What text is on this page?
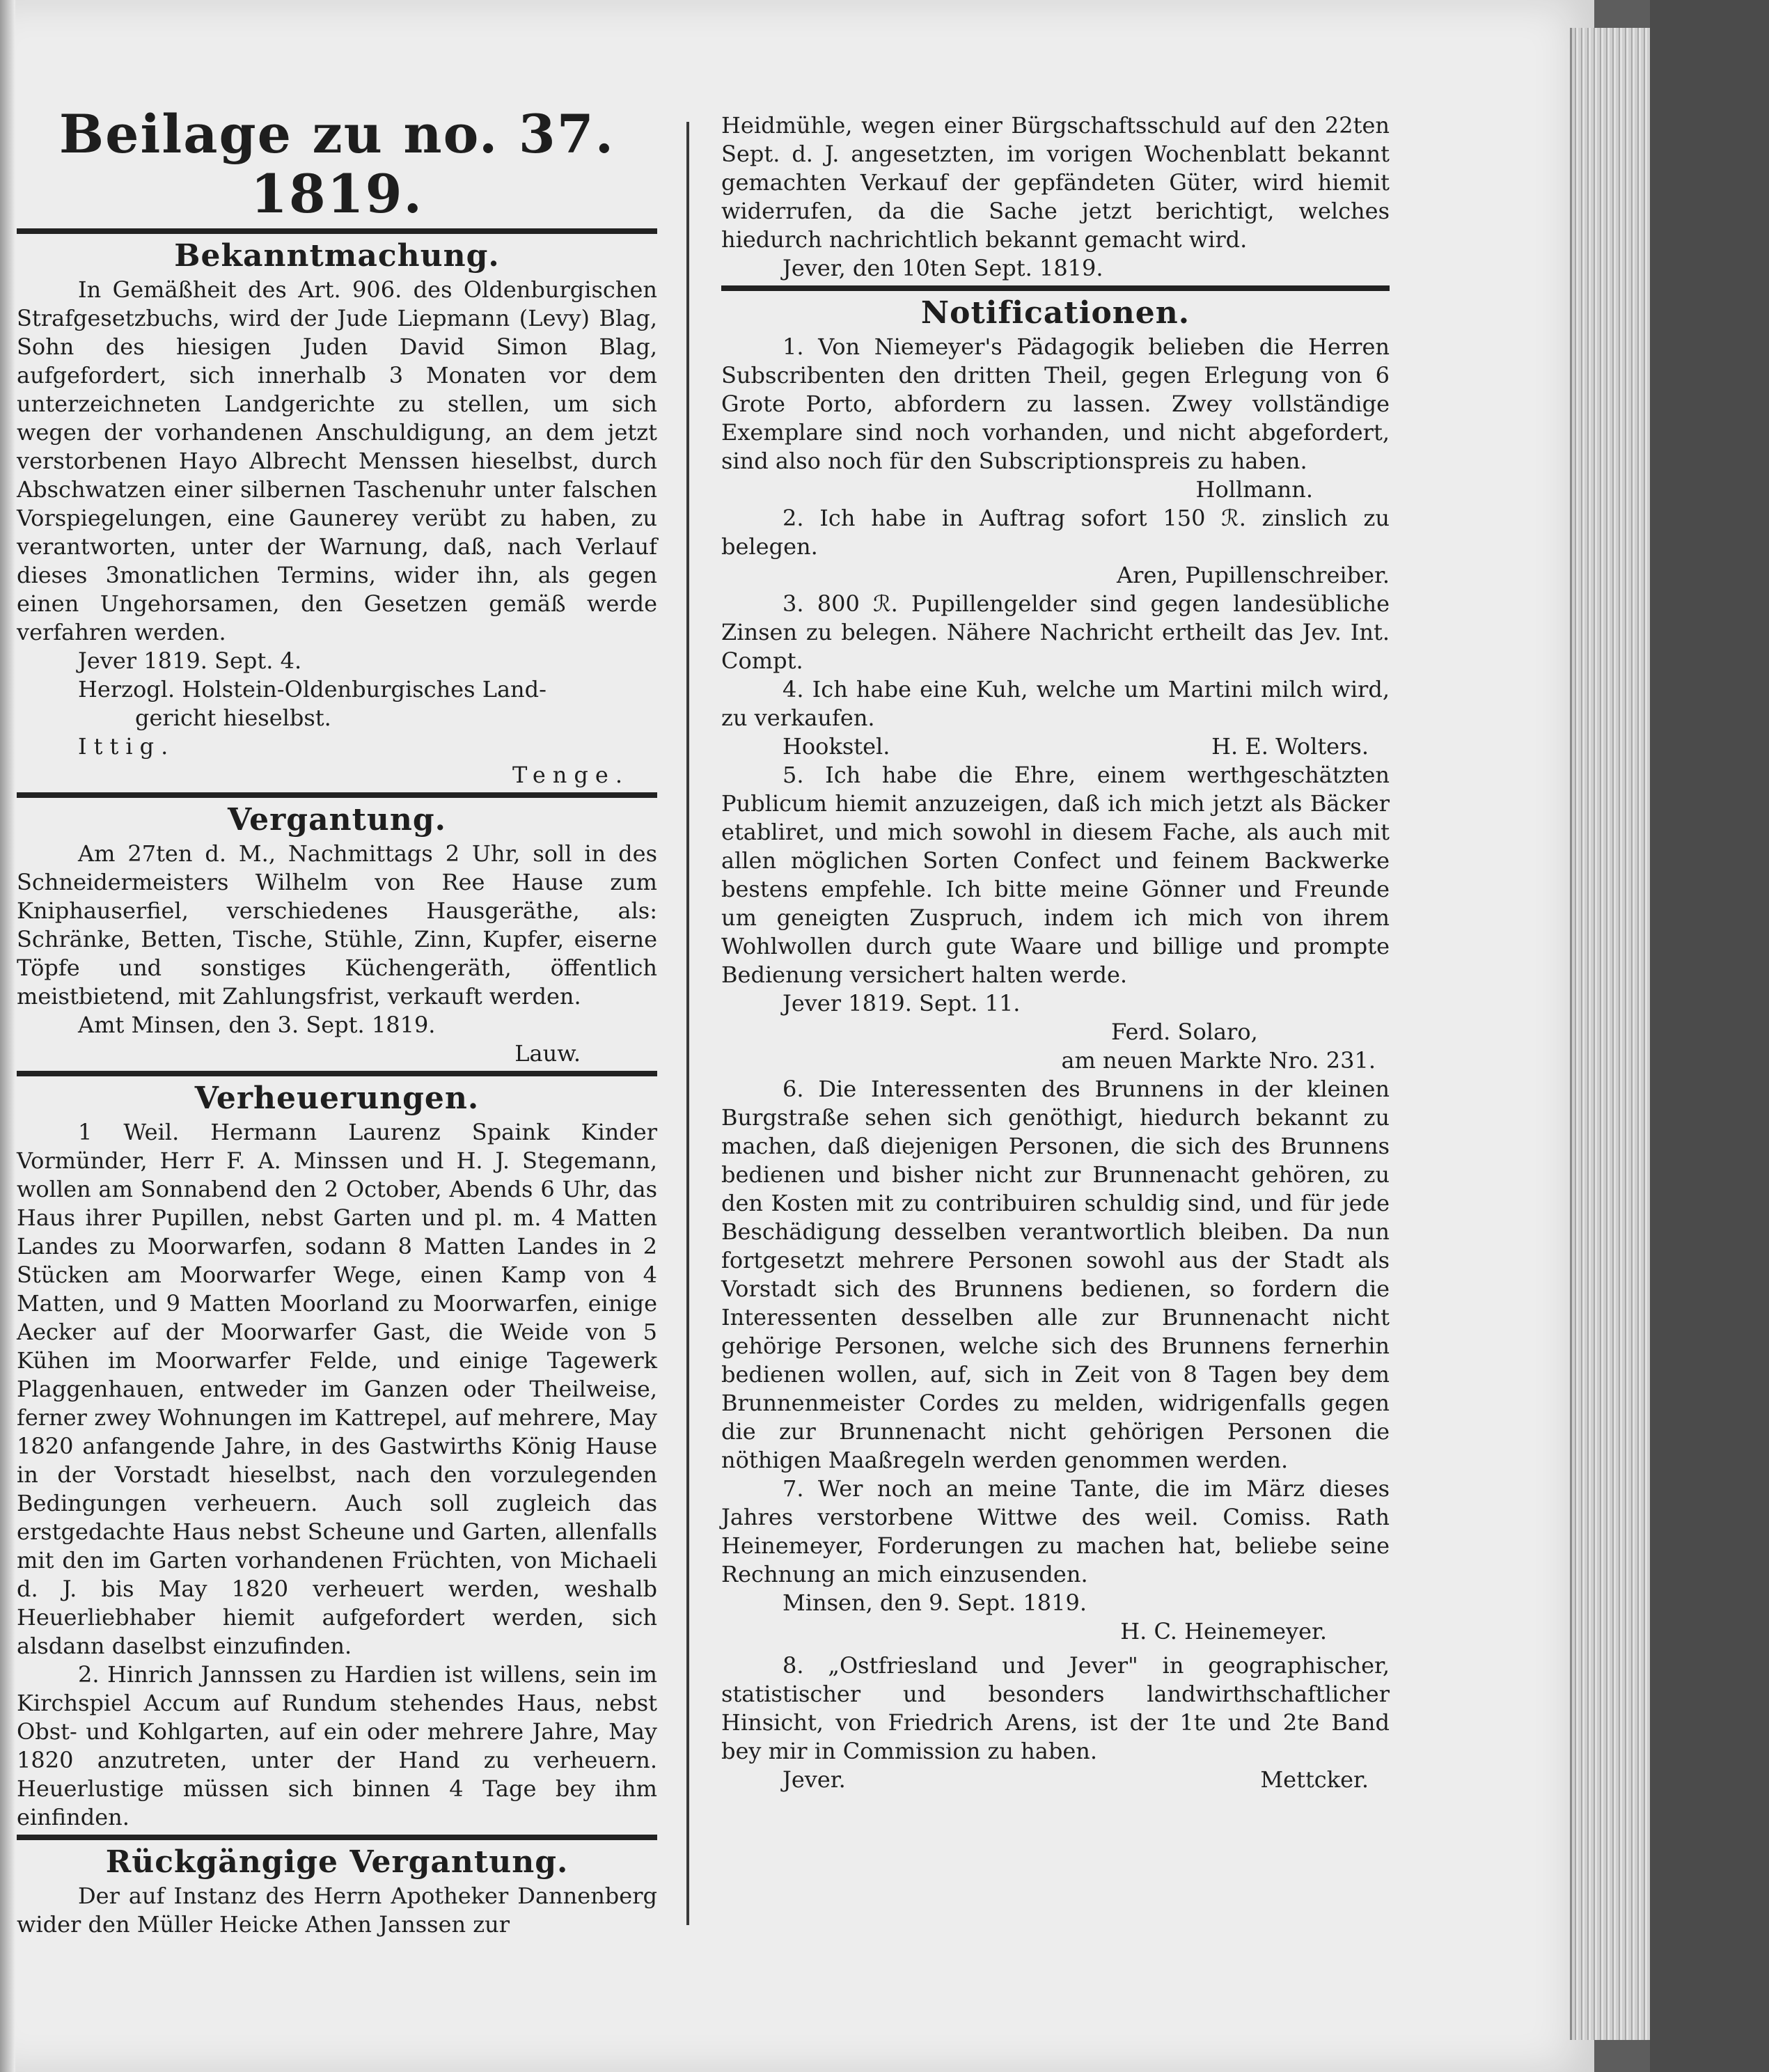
Beilage zu no. 37. 1819.
Bekanntmachung.

In Gemäßheit des Art. 906. des Oldenburgischen Strafgesetzbuchs, wird der Jude Liepmann (Levy) Blag, Sohn des hiesigen Juden David Simon Blag, aufgefordert, sich innerhalb 3 Monaten vor dem unterzeichneten Landgerichte zu stellen, um sich wegen der vorhandenen Anschuldigung, an dem jetzt verstorbenen Hayo Albrecht Menssen hieselbst, durch Abschwatzen einer silbernen Taschenuhr unter falschen Vorspiegelungen, eine Gaunerey verübt zu haben, zu verantworten, unter der Warnung, daß, nach Verlauf dieses 3monatlichen Termins, wider ihn, als gegen einen Ungehorsamen, den Gesetzen gemäß werde verfahren werden.

Jever 1819. Sept. 4.
Herzogl. Holstein-Oldenburgisches Land-
gericht hieselbst.
Ittig.
Tenge.
Vergantung.

Am 27ten d. M., Nachmittags 2 Uhr, soll in des Schneidermeisters Wilhelm von Ree Hause zum Kniphauserfiel, verschiedenes Hausgeräthe, als: Schränke, Betten, Tische, Stühle, Zinn, Kupfer, eiserne Töpfe und sonstiges Küchengeräth, öffentlich meistbietend, mit Zahlungsfrist, verkauft werden.

Amt Minsen, den 3. Sept. 1819.
Lauw.
Verheuerungen.

1 Weil. Hermann Laurenz Spaink Kinder Vormünder, Herr F. A. Minssen und H. J. Stegemann, wollen am Sonnabend den 2 October, Abends 6 Uhr, das Haus ihrer Pupillen, nebst Garten und pl. m. 4 Matten Landes zu Moorwarfen, sodann 8 Matten Landes in 2 Stücken am Moorwarfer Wege, einen Kamp von 4 Matten, und 9 Matten Moorland zu Moorwarfen, einige Aecker auf der Moorwarfer Gast, die Weide von 5 Kühen im Moorwarfer Felde, und einige Tagewerk Plaggenhauen, entweder im Ganzen oder Theilweise, ferner zwey Wohnungen im Kattrepel, auf mehrere, May 1820 anfangende Jahre, in des Gastwirths König Hause in der Vorstadt hieselbst, nach den vorzulegenden Bedingungen verheuern. Auch soll zugleich das erstgedachte Haus nebst Scheune und Garten, allenfalls mit den im Garten vorhandenen Früchten, von Michaeli d. J. bis May 1820 verheuert werden, weshalb Heuerliebhaber hiemit aufgefordert werden, sich alsdann daselbst einzufinden.

2. Hinrich Jannssen zu Hardien ist willens, sein im Kirchspiel Accum auf Rundum stehendes Haus, nebst Obst- und Kohlgarten, auf ein oder mehrere Jahre, May 1820 anzutreten, unter der Hand zu verheuern. Heuerlustige müssen sich binnen 4 Tage bey ihm einfinden.

Rückgängige Vergantung.

Der auf Instanz des Herrn Apotheker Dannenberg wider den Müller Heicke Athen Janssen zur

Heidmühle, wegen einer Bürgschaftsschuld auf den 22ten Sept. d. J. angesetzten, im vorigen Wochenblatt bekannt gemachten Verkauf der gepfändeten Güter, wird hiemit widerrufen, da die Sache jetzt berichtigt, welches hiedurch nachrichtlich bekannt gemacht wird.

Jever, den 10ten Sept. 1819.
Notificationen.

1. Von Niemeyer's Pädagogik belieben die Herren Subscribenten den dritten Theil, gegen Erlegung von 6 Grote Porto, abfordern zu lassen. Zwey vollständige Exemplare sind noch vorhanden, und nicht abgefordert, sind also noch für den Subscriptionspreis zu haben.

Hollmann.

2. Ich habe in Auftrag sofort 150 ℛ. zinslich zu belegen.

Aren, Pupillenschreiber.

3. 800 ℛ. Pupillengelder sind gegen landesübliche Zinsen zu belegen. Nähere Nachricht ertheilt das Jev. Int. Compt.

4. Ich habe eine Kuh, welche um Martini milch wird, zu verkaufen.

Hookstel.	H. E. Wolters.

5. Ich habe die Ehre, einem werthgeschätzten Publicum hiemit anzuzeigen, daß ich mich jetzt als Bäcker etabliret, und mich sowohl in diesem Fache, als auch mit allen möglichen Sorten Confect und feinem Backwerke bestens empfehle. Ich bitte meine Gönner und Freunde um geneigten Zuspruch, indem ich mich von ihrem Wohlwollen durch gute Waare und billige und prompte Bedienung versichert halten werde.

Jever 1819. Sept. 11.
Ferd. Solaro,
am neuen Markte Nro. 231.

6. Die Interessenten des Brunnens in der kleinen Burgstraße sehen sich genöthigt, hiedurch bekannt zu machen, daß diejenigen Personen, die sich des Brunnens bedienen und bisher nicht zur Brunnenacht gehören, zu den Kosten mit zu contribuiren schuldig sind, und für jede Beschädigung desselben verantwortlich bleiben. Da nun fortgesetzt mehrere Personen sowohl aus der Stadt als Vorstadt sich des Brunnens bedienen, so fordern die Interessenten desselben alle zur Brunnenacht nicht gehörige Personen, welche sich des Brunnens fernerhin bedienen wollen, auf, sich in Zeit von 8 Tagen bey dem Brunnenmeister Cordes zu melden, widrigenfalls gegen die zur Brunnenacht nicht gehörigen Personen die nöthigen Maaßregeln werden genommen werden.

7. Wer noch an meine Tante, die im März dieses Jahres verstorbene Wittwe des weil. Comiss. Rath Heinemeyer, Forderungen zu machen hat, beliebe seine Rechnung an mich einzusenden.

Minsen, den 9. Sept. 1819.
H. C. Heinemeyer.

8. „Ostfriesland und Jever" in geographischer, statistischer und besonders landwirthschaftlicher Hinsicht, von Friedrich Arens, ist der 1te und 2te Band bey mir in Commission zu haben.

Jever.	Mettcker.
